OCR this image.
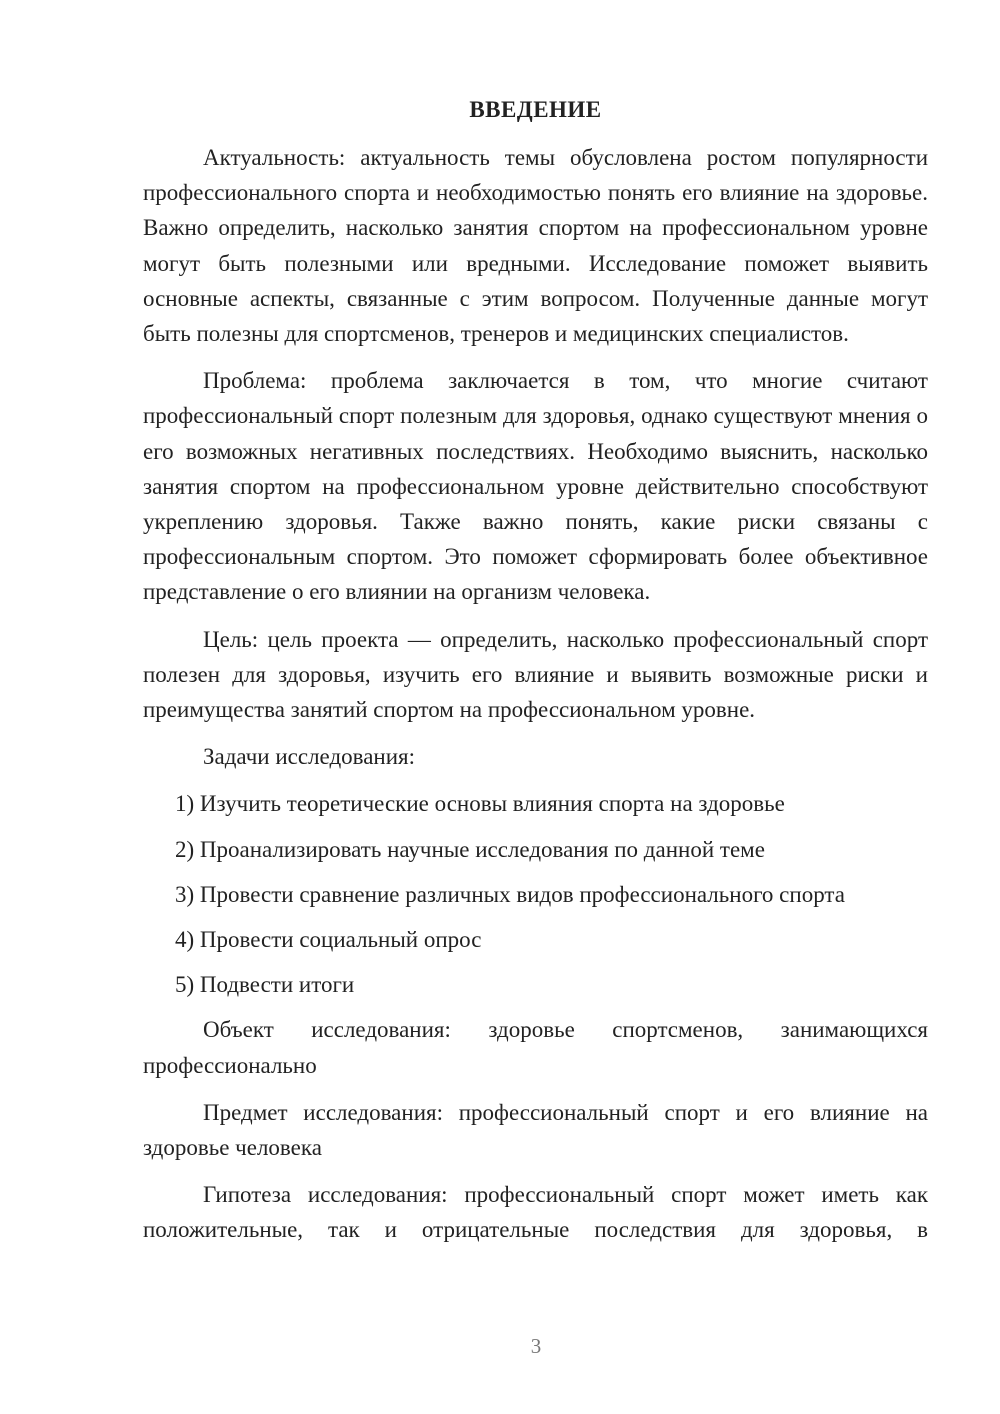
ВВЕДЕНИЕ

Актуальность: актуальность темы обусловлена ростом популярности профессионального спорта и необходимостью понять его влияние на здоровье. Важно определить, насколько занятия спортом на профессиональном уровне могут быть полезными или вредными. Исследование поможет выявить основные аспекты, связанные с этим вопросом. Полученные данные могут быть полезны для спортсменов, тренеров и медицинских специалистов.

Проблема: проблема заключается в том, что многие считают профессиональный спорт полезным для здоровья, однако существуют мнения о его возможных негативных последствиях. Необходимо выяснить, насколько занятия спортом на профессиональном уровне действительно способствуют укреплению здоровья. Также важно понять, какие риски связаны с профессиональным спортом. Это поможет сформировать более объективное представление о его влиянии на организм человека.

Цель: цель проекта — определить, насколько профессиональный спорт полезен для здоровья, изучить его влияние и выявить возможные риски и преимущества занятий спортом на профессиональном уровне.

Задачи исследования:

1) Изучить теоретические основы влияния спорта на здоровье

2) Проанализировать научные исследования по данной теме

3) Провести сравнение различных видов профессионального спорта

4) Провести социальный опрос

5) Подвести итоги

Объект исследования: здоровье спортсменов, занимающихся профессионально

Предмет исследования: профессиональный спорт и его влияние на здоровье человека

Гипотеза исследования: профессиональный спорт может иметь как положительные, так и отрицательные последствия для здоровья, в

3
